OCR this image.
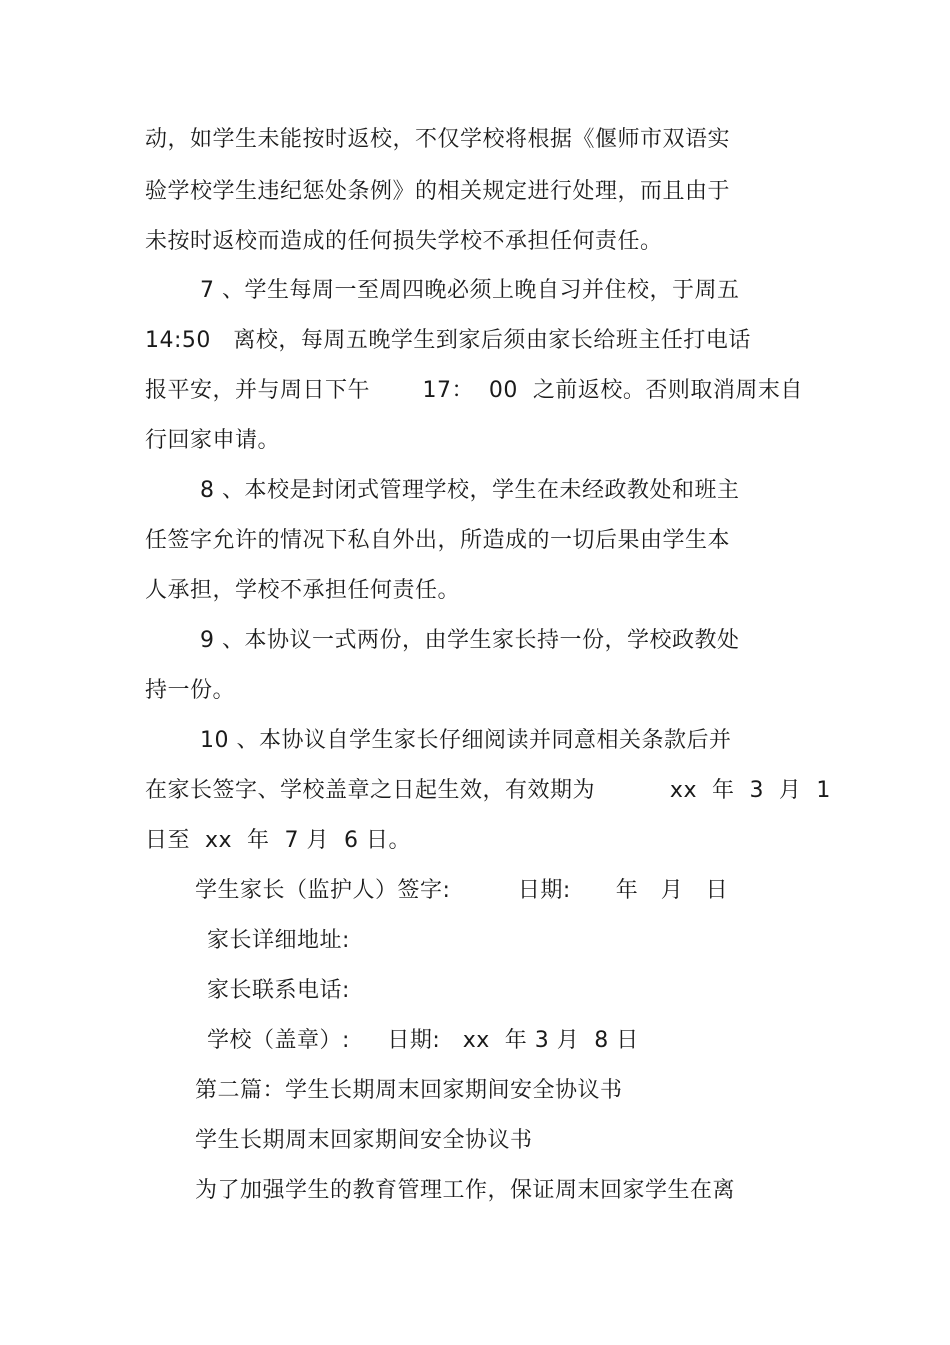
动，如学生未能按时返校，不仅学校将根据《偃师市双语实
验学校学生违纪惩处条例》的相关规定进行处理，而且由于
未按时返校而造成的任何损失学校不承担任何责任。
7 、学生每周一至周四晚必须上晚自习并住校，于周五
14:50   离校，每周五晚学生到家后须由家长给班主任打电话
报平安，并与周日下午       17：  00  之前返校。否则取消周末自
行回家申请。
8 、本校是封闭式管理学校，学生在未经政教处和班主
任签字允许的情况下私自外出，所造成的一切后果由学生本
人承担，学校不承担任何责任。
9 、本协议一式两份，由学生家长持一份，学校政教处
持一份。
10 、本协议自学生家长仔细阅读并同意相关条款后并
在家长签字、学校盖章之日起生效，有效期为          xx  年  3  月  1
日至  xx  年  7 月  6 日。
学生家长（监护人）签字:         日期:      年   月   日
家长详细地址:
家长联系电话:
学校（盖章）:     日期:   xx  年 3 月  8 日
第二篇：学生长期周末回家期间安全协议书
学生长期周末回家期间安全协议书
为了加强学生的教育管理工作，保证周末回家学生在离
